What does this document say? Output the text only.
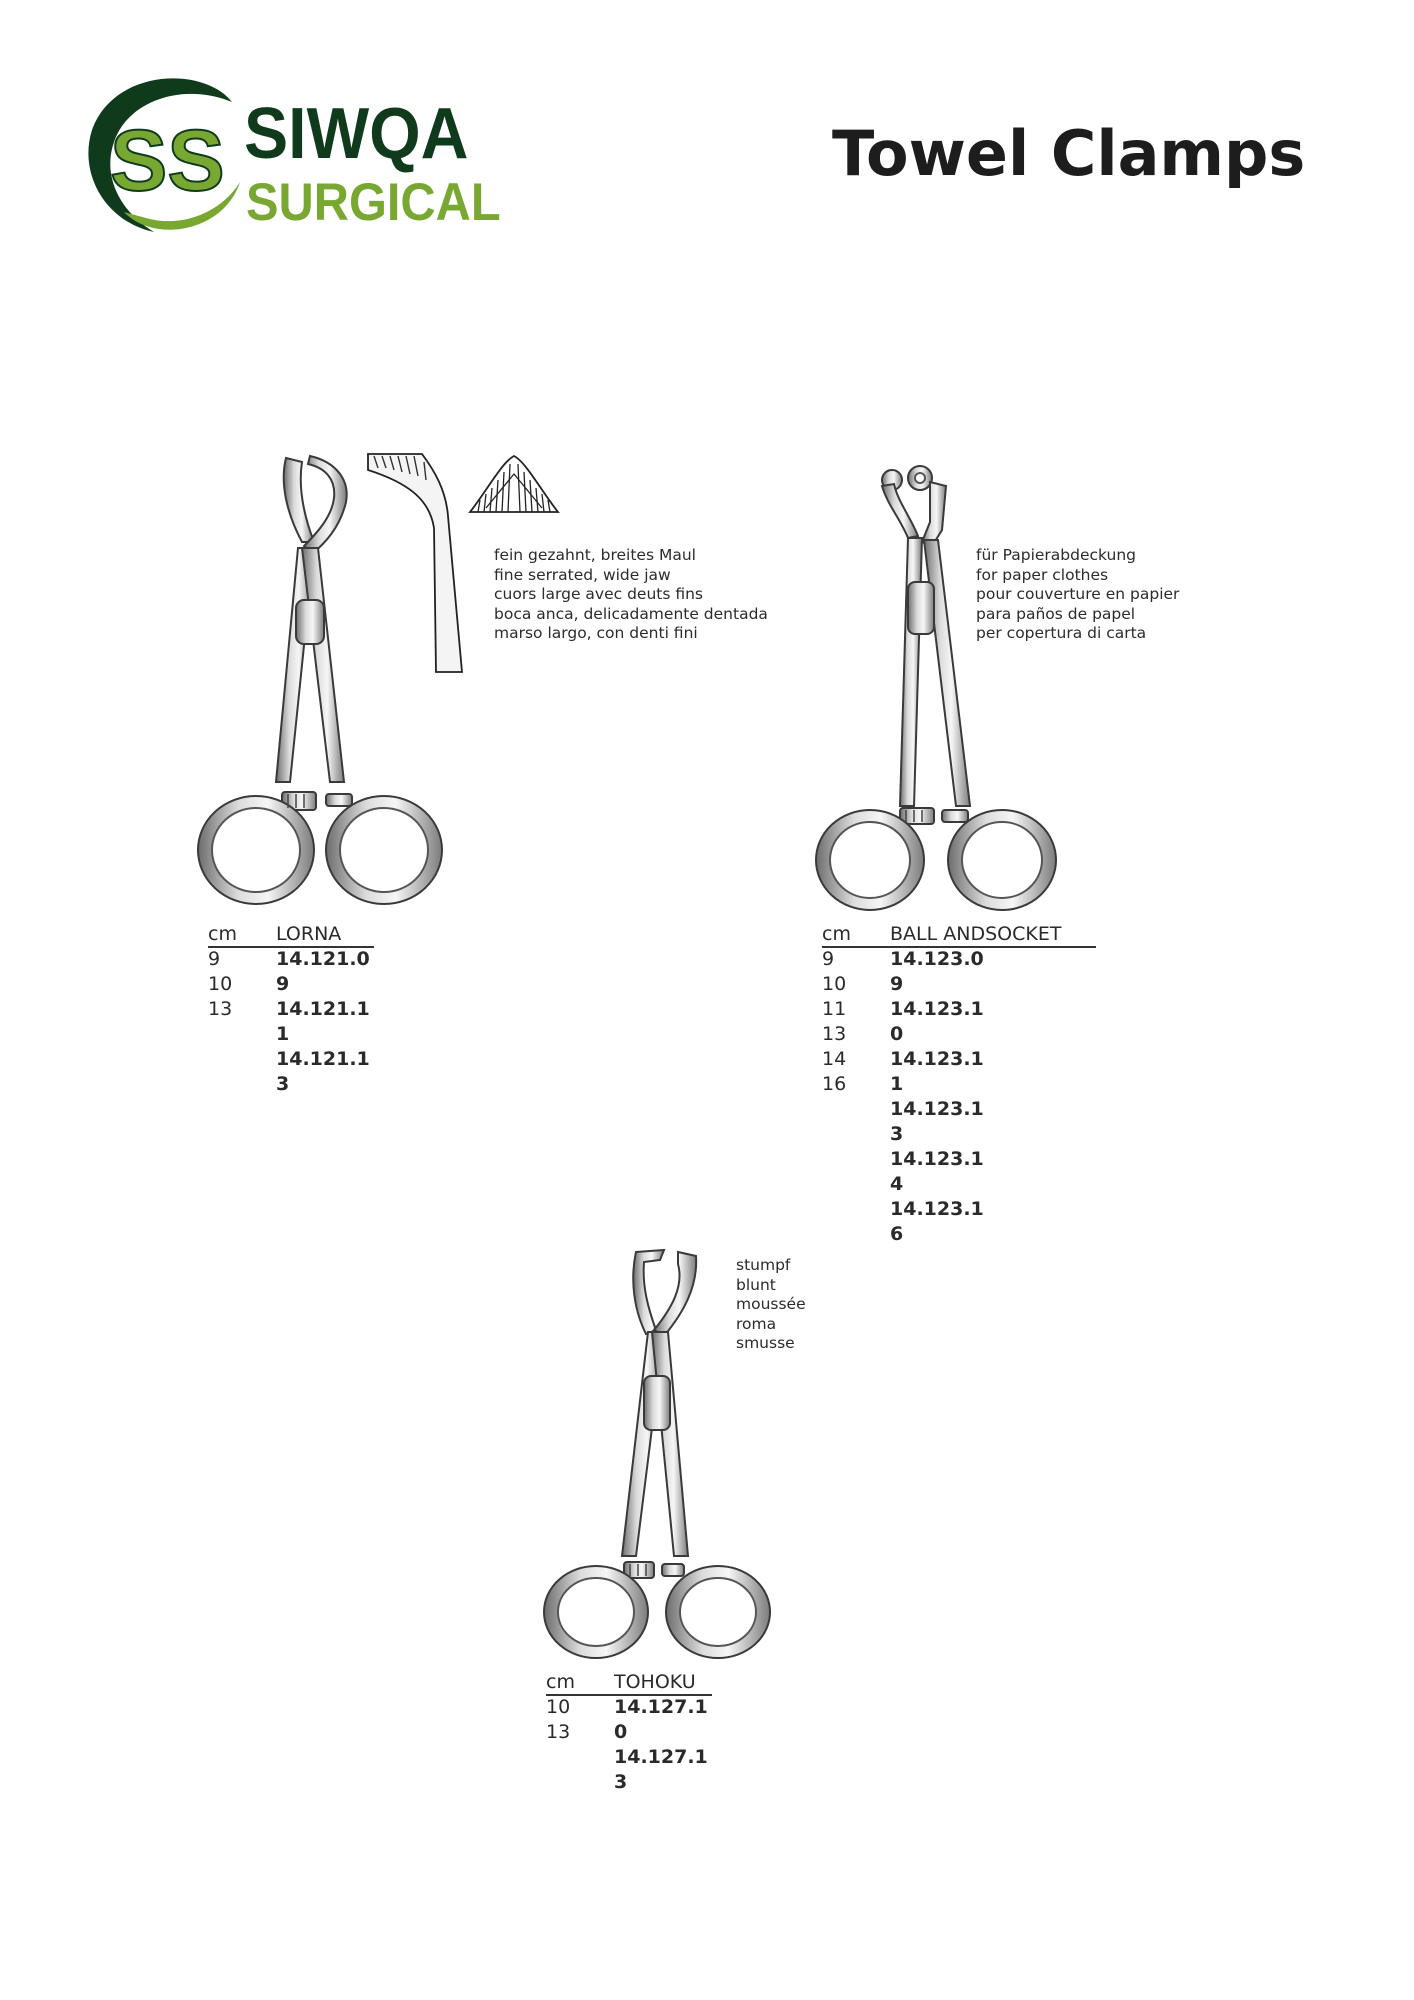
SS SIWQA
SURGICAL
Towel Clamps
fein gezahnt, breites Maul
fine serrated, wide jaw
cuors large avec deuts fins
boca anca, delicadamente dentada
marso largo, con denti fini
cm LORNA
9
10
13
14.121.09
14.121.11
14.121.13
für Papierabdeckung
for paper clothes
pour couverture en papier
para paños de papel
per copertura di carta
cm BALL ANDSOCKET
9
10
11
13
14
16
14.123.09
14.123.10
14.123.11
14.123.13
14.123.14
14.123.16
stumpf
blunt
moussée
roma
smusse
cm TOHOKU
10
13
14.127.10
14.127.13
